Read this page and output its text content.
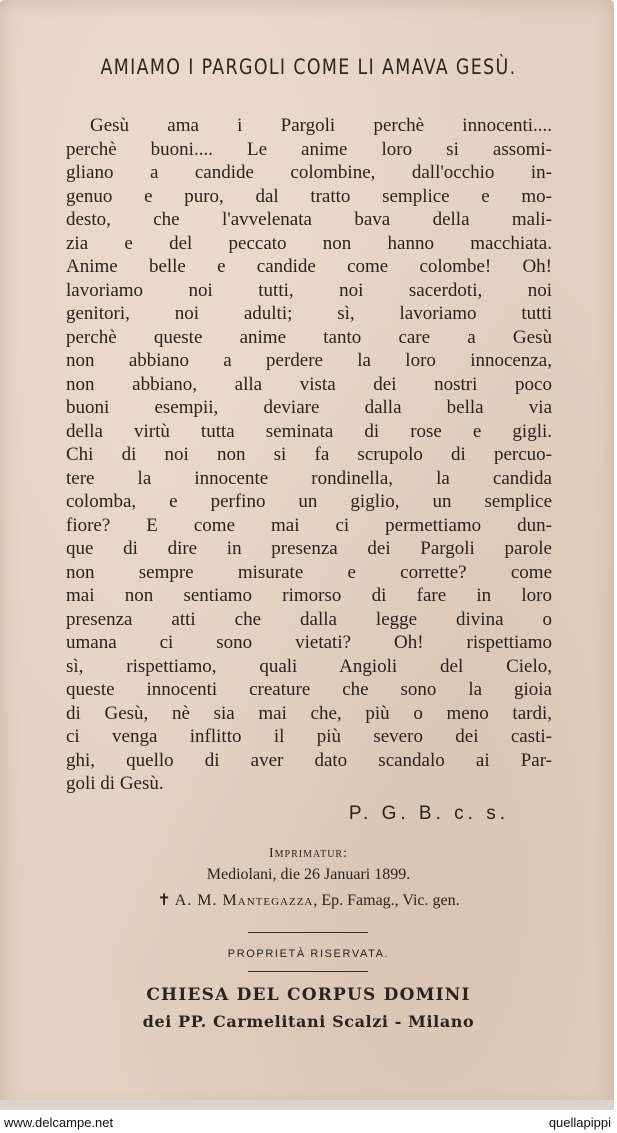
AMIAMO I PARGOLI COME LI AMAVA GESÙ.
Gesù ama i Pargoli perchè innocenti....
perchè buoni.... Le anime loro si assomi-
gliano a candide colombine, dall'occhio in-
genuo e puro, dal tratto semplice e mo-
desto, che l'avvelenata bava della mali-
zia e del peccato non hanno macchiata.
Anime belle e candide come colombe! Oh!
lavoriamo noi tutti, noi sacerdoti, noi
genitori, noi adulti; sì, lavoriamo tutti
perchè queste anime tanto care a Gesù
non abbiano a perdere la loro innocenza,
non abbiano, alla vista dei nostri poco
buoni esempii, deviare dalla bella via
della virtù tutta seminata di rose e gigli.
Chi di noi non si fa scrupolo di percuo-
tere la innocente rondinella, la candida
colomba, e perfino un giglio, un semplice
fiore? E come mai ci permettiamo dun-
que di dire in presenza dei Pargoli parole
non sempre misurate e corrette? come
mai non sentiamo rimorso di fare in loro
presenza atti che dalla legge divina o
umana ci sono vietati? Oh! rispettiamo
sì, rispettiamo, quali Angioli del Cielo,
queste innocenti creature che sono la gioia
di Gesù, nè sia mai che, più o meno tardi,
ci venga inflitto il più severo dei casti-
ghi, quello di aver dato scandalo ai Par-
goli di Gesù.
P. G. B. c. s.
Imprimatur:
Mediolani, die 26 Januari 1899.
✝ A. M. Mantegazza, Ep. Famag., Vic. gen.
PROPRIETÀ RISERVATA.
CHIESA DEL CORPUS DOMINI
dei PP. Carmelitani Scalzi - Milano
www.delcampe.net	quellapippi
